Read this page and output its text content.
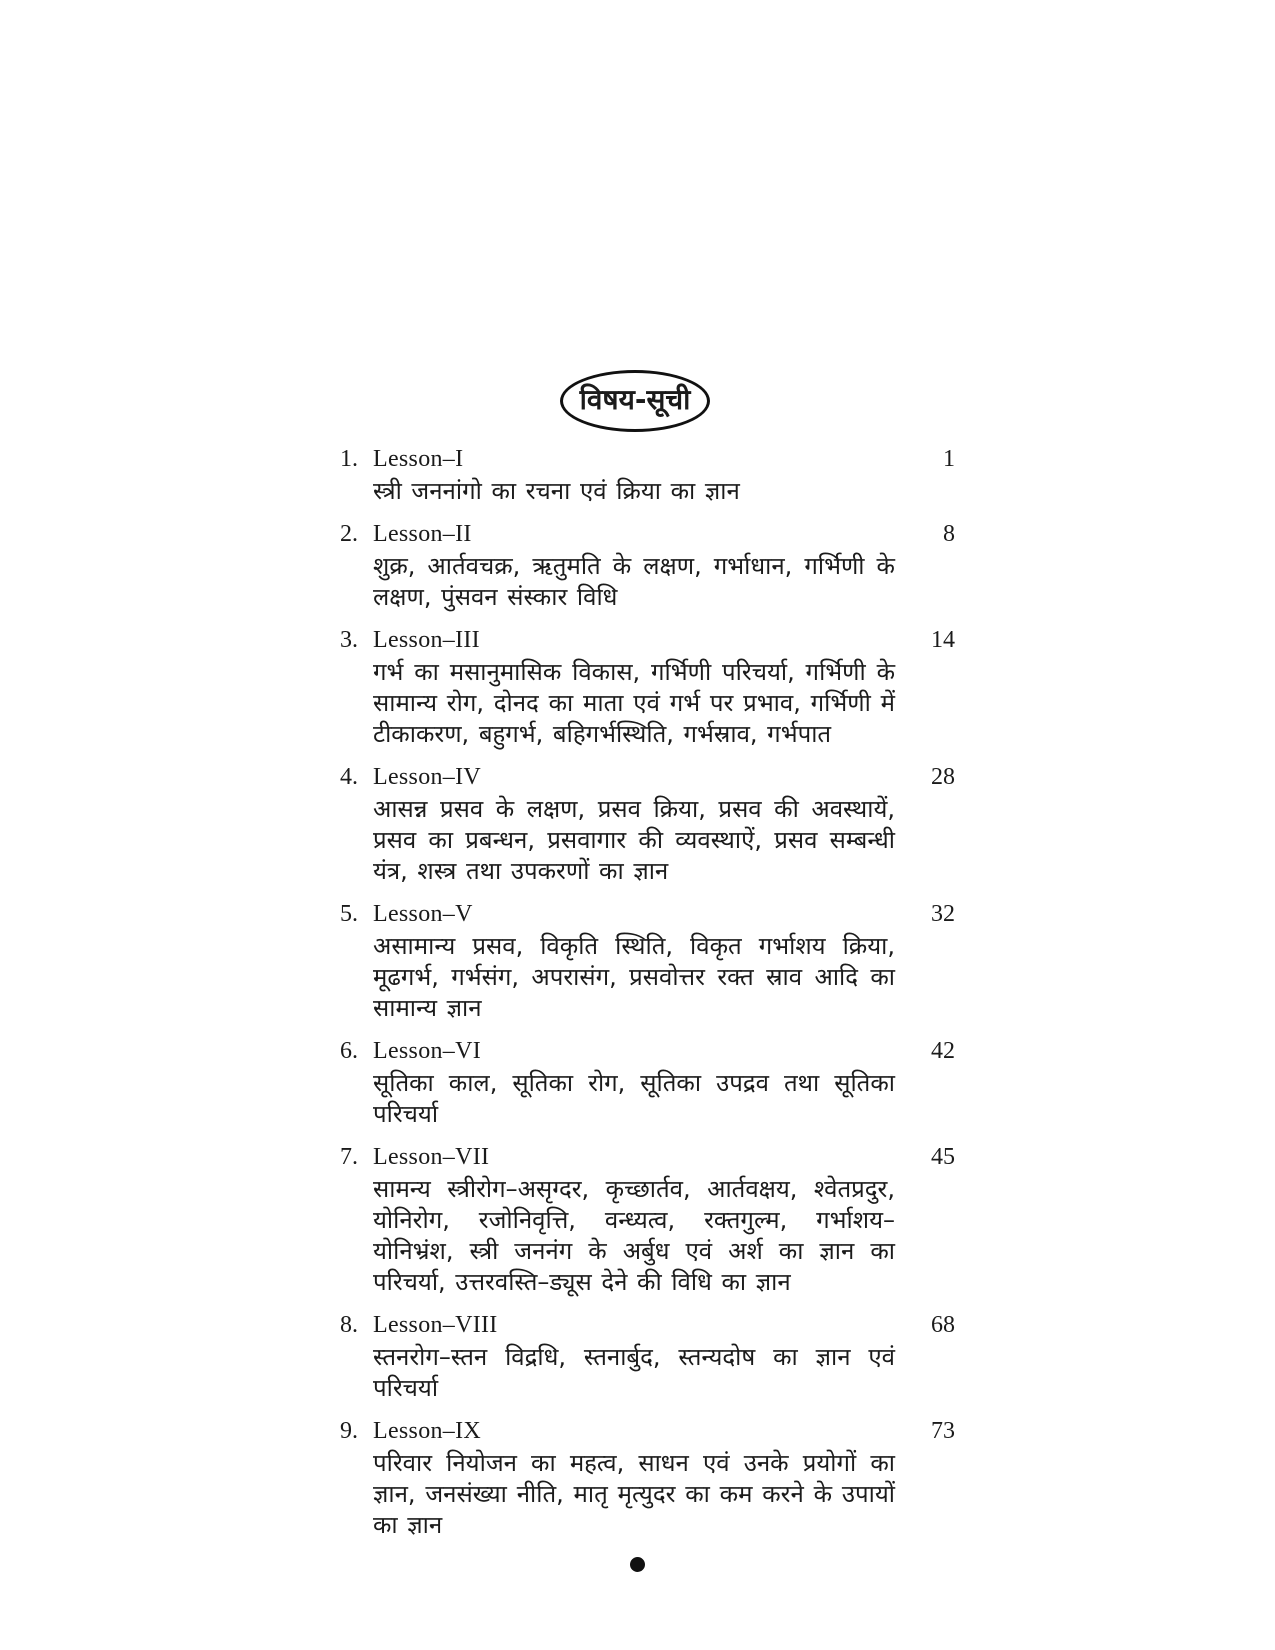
विषय-सूची
1. Lesson–I	1
स्त्री जननांगो का रचना एवं क्रिया का ज्ञान
2. Lesson–II	8
शुक्र, आर्तवचक्र, ऋतुमति के लक्षण, गर्भाधान, गर्भिणी के लक्षण, पुंसवन संस्कार विधि
3. Lesson–III	14
गर्भ का मसानुमासिक विकास, गर्भिणी परिचर्या, गर्भिणी के सामान्य रोग, दोनद का माता एवं गर्भ पर प्रभाव, गर्भिणी में टीकाकरण, बहुगर्भ, बहिगर्भस्थिति, गर्भस्राव, गर्भपात
4. Lesson–IV	28
आसन्न प्रसव के लक्षण, प्रसव क्रिया, प्रसव की अवस्थायें, प्रसव का प्रबन्धन, प्रसवागार की व्यवस्थाऐं, प्रसव सम्बन्धी यंत्र, शस्त्र तथा उपकरणों का ज्ञान
5. Lesson–V	32
असामान्य प्रसव, विकृति स्थिति, विकृत गर्भाशय क्रिया, मूढगर्भ, गर्भसंग, अपरासंग, प्रसवोत्तर रक्त स्राव आदि का सामान्य ज्ञान
6. Lesson–VI	42
सूतिका काल, सूतिका रोग, सूतिका उपद्रव तथा सूतिका परिचर्या
7. Lesson–VII	45
सामन्य स्त्रीरोग–असृग्दर, कृच्छार्तव, आर्तवक्षय, श्वेतप्रदुर, योनिरोग, रजोनिवृत्ति, वन्ध्यत्व, रक्तगुल्म, गर्भाशय–योनिभ्रंश, स्त्री जननंग के अर्बुध एवं अर्श का ज्ञान का परिचर्या, उत्तरवस्ति–ड्यूस देने की विधि का ज्ञान
8. Lesson–VIII	68
स्तनरोग–स्तन विद्रधि, स्तनार्बुद, स्तन्यदोष का ज्ञान एवं परिचर्या
9. Lesson–IX	73
परिवार नियोजन का महत्व, साधन एवं उनके प्रयोगों का ज्ञान, जनसंख्या नीति, मातृ मृत्युदर का कम करने के उपायों का ज्ञान
